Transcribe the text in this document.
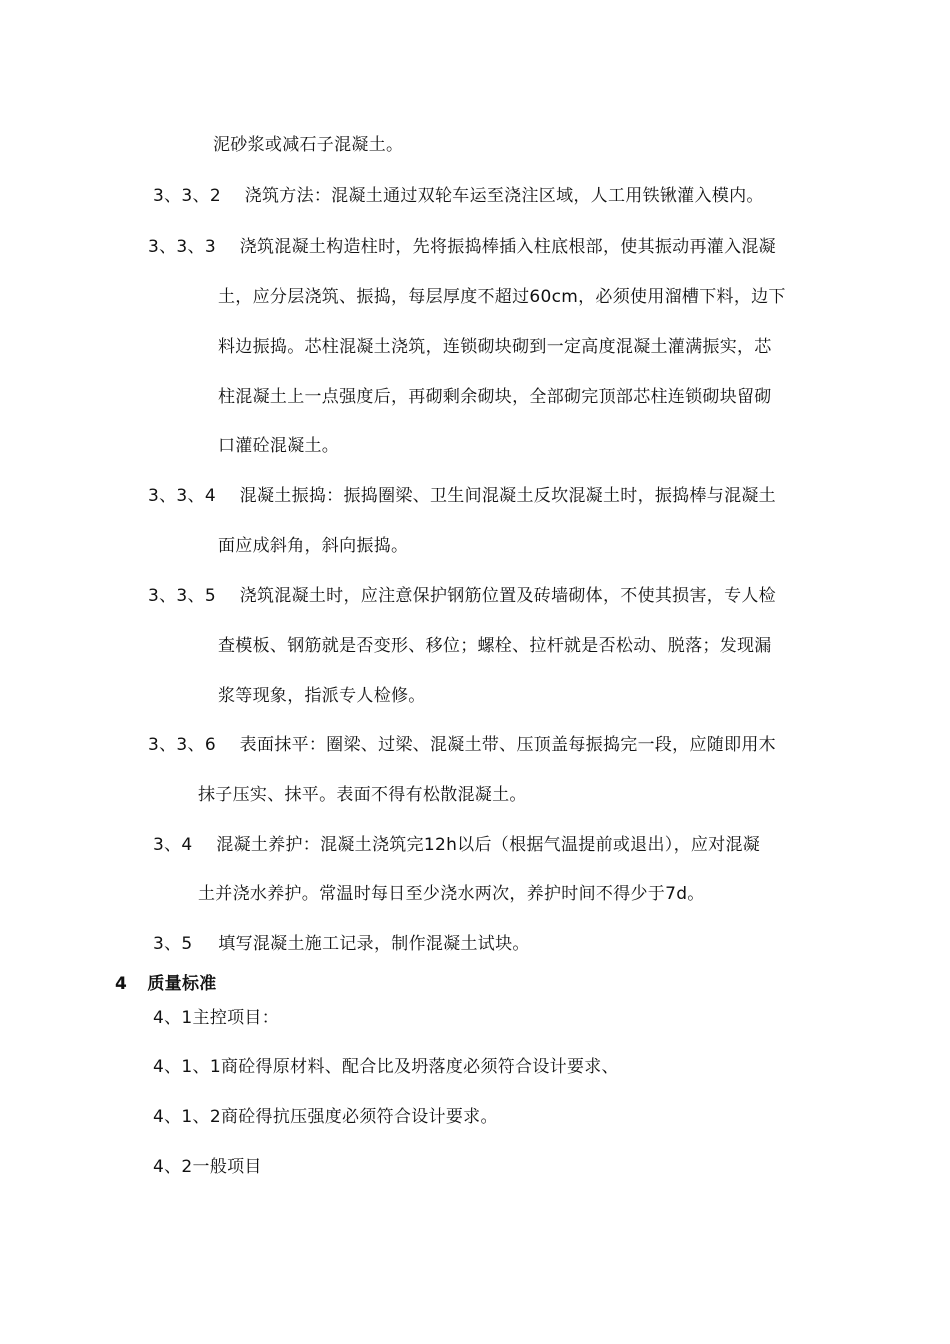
泥砂浆或减石子混凝土。
3、3、2 浇筑方法：混凝土通过双轮车运至浇注区域，人工用铁锹灌入模内。
3、3、3 浇筑混凝土构造柱时，先将振捣棒插入柱底根部，使其振动再灌入混凝
土，应分层浇筑、振捣，每层厚度不超过60cm，必须使用溜槽下料，边下
料边振捣。芯柱混凝土浇筑，连锁砌块砌到一定高度混凝土灌满振实，芯
柱混凝土上一点强度后，再砌剩余砌块，全部砌完顶部芯柱连锁砌块留砌
口灌砼混凝土。
3、3、4 混凝土振捣：振捣圈梁、卫生间混凝土反坎混凝土时，振捣棒与混凝土
面应成斜角，斜向振捣。
3、3、5 浇筑混凝土时，应注意保护钢筋位置及砖墙砌体，不使其损害，专人检
查模板、钢筋就是否变形、移位；螺栓、拉杆就是否松动、脱落；发现漏
浆等现象，指派专人检修。
3、3、6 表面抹平：圈梁、过梁、混凝土带、压顶盖每振捣完一段，应随即用木
抹子压实、抹平。表面不得有松散混凝土。
3、4 混凝土养护：混凝土浇筑完12h以后（根据气温提前或退出），应对混凝
土并浇水养护。常温时每日至少浇水两次，养护时间不得少于7d。
3、5 填写混凝土施工记录，制作混凝土试块。
4 质量标准
4、1主控项目：
4、1、1商砼得原材料、配合比及坍落度必须符合设计要求、
4、1、2商砼得抗压强度必须符合设计要求。
4、2一般项目
